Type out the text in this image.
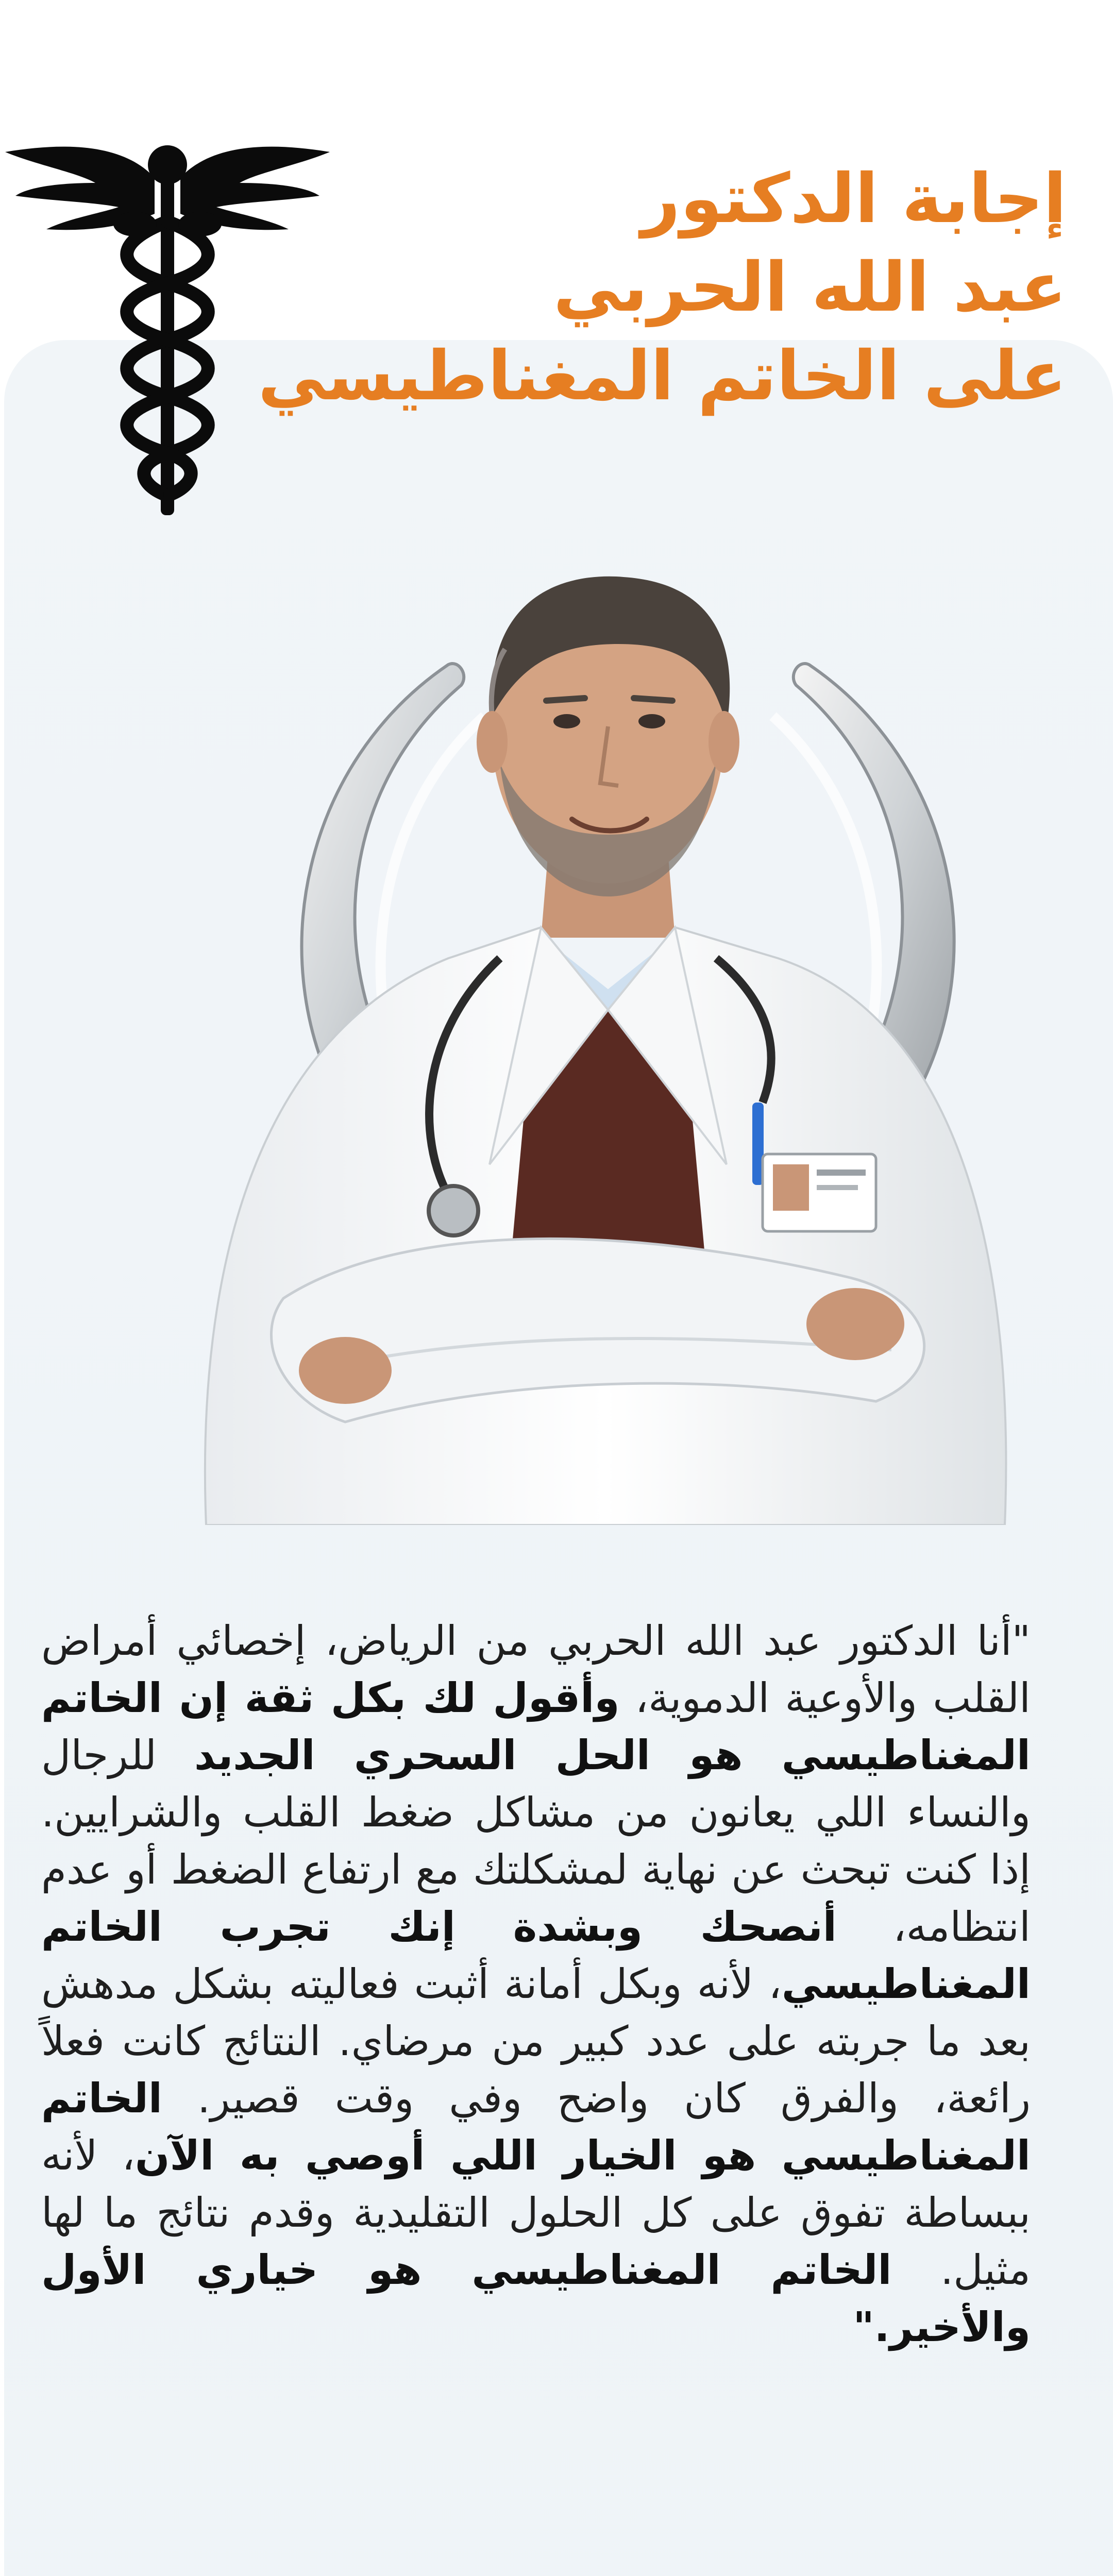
إجابة الدكتور
عبد الله الحربي
على الخاتم المغناطيسي
"أنا الدكتور عبد الله الحربي من الرياض، إخصائي أمراض القلب والأوعية الدموية، وأقول لك بكل ثقة إن الخاتم المغناطيسي هو الحل السحري الجديد للرجال والنساء اللي يعانون من مشاكل ضغط القلب والشرايين. إذا كنت تبحث عن نهاية لمشكلتك مع ارتفاع الضغط أو عدم انتظامه، أنصحك وبشدة إنك تجرب الخاتم المغناطيسي، لأنه وبكل أمانة أثبت فعاليته بشكل مدهش بعد ما جربته على عدد كبير من مرضاي. النتائج كانت فعلاً رائعة، والفرق كان واضح وفي وقت قصير. الخاتم المغناطيسي هو الخيار اللي أوصي به الآن، لأنه ببساطة تفوق على كل الحلول التقليدية وقدم نتائج ما لها مثيل. الخاتم المغناطيسي هو خياري الأول والأخير."
